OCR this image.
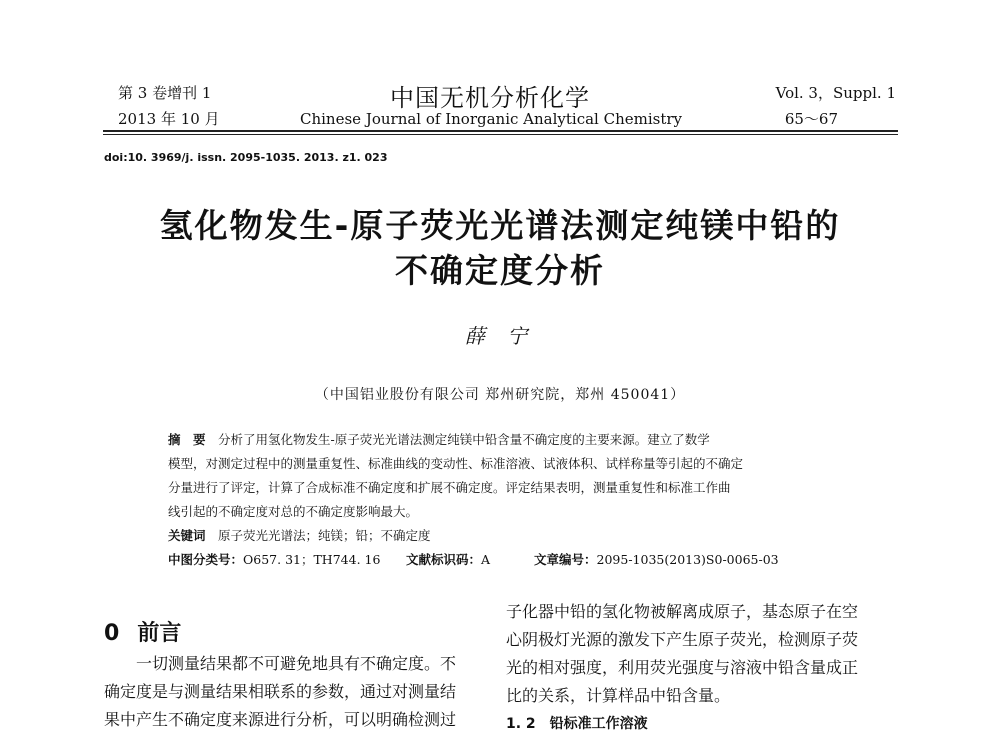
第 3 卷增刊 1
2013 年 10 月
中国无机分析化学
Chinese Journal of Inorganic Analytical Chemistry
Vol. 3，Suppl. 1
65～67
doi:10. 3969/j. issn. 2095-1035. 2013. z1. 023
氢化物发生-原子荧光光谱法测定纯镁中铅的
不确定度分析
薛 宁
（中国铝业股份有限公司 郑州研究院，郑州 450041）

摘　要　 分析了用氢化物发生-原子荧光光谱法测定纯镁中铅含量不确定度的主要来源。建立了数学

模型，对测定过程中的测量重复性、标准曲线的变动性、标准溶液、试液体积、试样称量等引起的不确定

分量进行了评定，计算了合成标准不确定度和扩展不确定度。评定结果表明，测量重复性和标准工作曲

线引起的不确定度对总的不确定度影响最大。

关键词　 原子荧光光谱法；纯镁；铅；不确定度

中图分类号：O657. 31；TH744. 16	文献标识码：A	文章编号：2095-1035(2013)S0-0065-03

0 前言

　　一切测量结果都不可避免地具有不确定度。不

确定度是与测量结果相联系的参数，通过对测量结

果中产生不确定度来源进行分析，可以明确检测过

子化器中铅的氢化物被解离成原子，基态原子在空

心阴极灯光源的激发下产生原子荧光，检测原子荧

光的相对强度，利用荧光强度与溶液中铅含量成正

比的关系，计算样品中铅含量。

1. 2　铅标准工作溶液
